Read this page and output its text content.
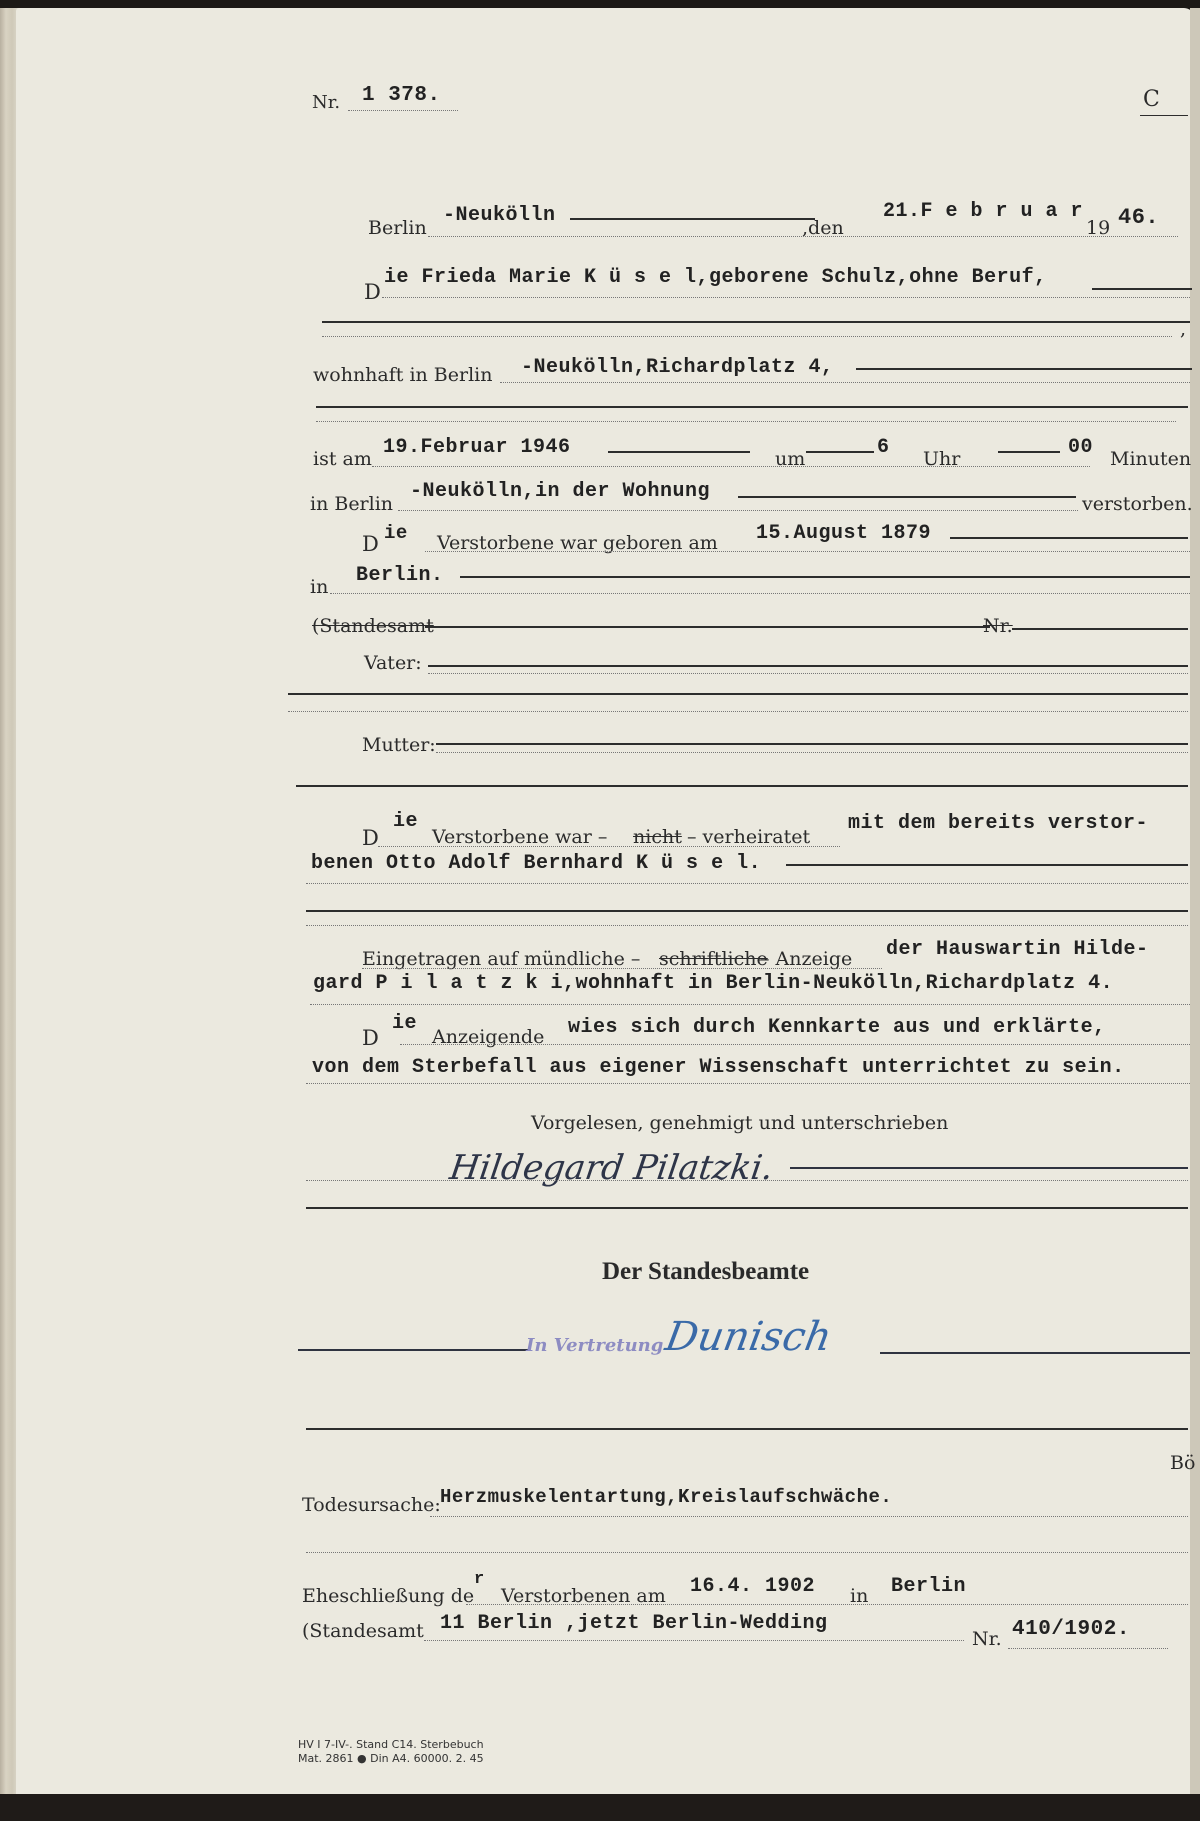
Nr. 1 378.	C
Berlin
-Neukölln
,den
21.F e b r u a r
19 46.
D
ie Frieda Marie K ü s e l,geborene Schulz,ohne Beruf,
,
wohnhaft in Berlin -Neukölln,Richardplatz 4,
ist am 19.Februar 1946	um	6 Uhr	00 Minuten
in Berlin
-Neukölln,in der Wohnung
verstorben.
D ie Verstorbene war geboren am 15.August 1879
in Berlin.
(Standesamt	Nr.
Vater:
Mutter:
D
ie
Verstorbene war – nicht – verheiratet
mit dem bereits verstor-
benen Otto Adolf Bernhard K ü s e l.
Eingetragen auf mündliche – schriftliche
– Anzeige der Hauswartin Hilde-
gard P i l a t z k i,wohnhaft in Berlin-Neukölln,Richardplatz 4.
D
ie
Anzeigende wies sich durch Kennkarte aus und erklärte,
von dem Sterbefall aus eigener Wissenschaft unterrichtet zu sein.
Vorgelesen, genehmigt und unterschrieben
Hildegard Pilatzki.
Der Standesbeamte
In Vertretung
Dunisch
Bö
Todesursache: Herzmuskelentartung,Kreislaufschwäche.
Eheschließung de
r
Verstorbenen am 16.4. 1902 in Berlin
(Standesamt 11 Berlin ,jetzt Berlin-Wedding
Nr. 410/1902.
HV I 7-IV-. Stand C14. Sterbebuch
Mat. 2861 ● Din A4. 60000. 2. 45
